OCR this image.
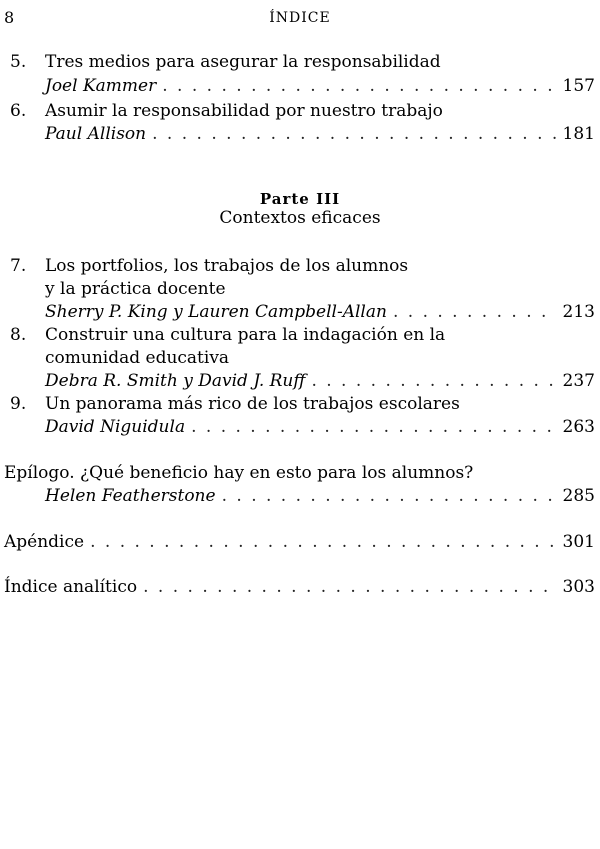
8	ÍNDICE
5. Tres medios para asegurar la responsabilidad
Joel Kammer . . .	157
6. Asumir la responsabilidad por nuestro trabajo
Paul Allison . . .	181
Parte III
Contextos eficaces
7. Los portfolios, los trabajos de los alumnos
y la práctica docente
Sherry P. King y Lauren Campbell-Allan . . .	213
8. Construir una cultura para la indagación en la
comunidad educativa
Debra R. Smith y David J. Ruff . . .	237
9. Un panorama más rico de los trabajos escolares
David Niguidula . . .	263
Epílogo. ¿Qué beneficio hay en esto para los alumnos?
Helen Featherstone . . .	285
Apéndice . . .	301
Índice analítico . . .	303
